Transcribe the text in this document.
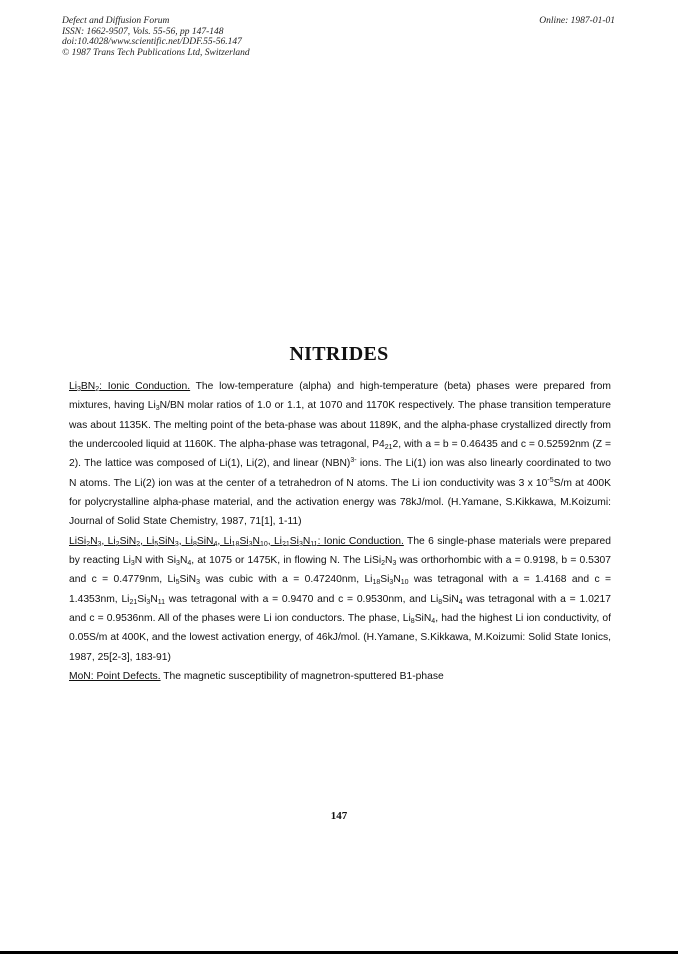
Defect and Diffusion Forum
ISSN: 1662-9507, Vols. 55-56, pp 147-148
doi:10.4028/www.scientific.net/DDF.55-56.147
© 1987 Trans Tech Publications Ltd, Switzerland
Online: 1987-01-01
NITRIDES

$Li_3BN_2$: Ionic Conduction. The low-temperature (alpha) and high-temperature (beta) phases were prepared from mixtures, having $Li_3N/BN$ molar ratios of 1.0 or 1.1, at 1070 and 1170K respectively. The phase transition temperature was about 1135K. The melting point of the beta-phase was about 1189K, and the alpha-phase crystallized directly from the undercooled liquid at 1160K. The alpha-phase was tetragonal, $P4_{21}2$, with a = b = 0.46435 and c = 0.52592nm (Z = 2). The lattice was composed of Li(1), Li(2), and linear (NBN)$^{3-}$ ions. The Li(1) ion was also linearly coordinated to two N atoms. The Li(2) ion was at the center of a tetrahedron of N atoms. The Li ion conductivity was 3 x $10^{-5}S/m$ at 400K for polycrystalline alpha-phase material, and the activation energy was 78kJ/mol. (H.Yamane, S.Kikkawa, M.Koizumi: Journal of Solid State Chemistry, 1987, 71[1], 1-11)

$LiSi_2N_3$, $Li_2SiN_2$, $Li_5SiN_3$, $Li_8SiN_4$, $Li_{18}Si_3N_{10}$, $Li_{21}Si_3N_{11}$: Ionic Conduction. The 6 single-phase materials were prepared by reacting $Li_3N$ with $Si_3N_4$, at 1075 or 1475K, in flowing N. The $LiSi_2N_3$ was orthorhombic with a = 0.9198, b = 0.5307 and c = 0.4779nm, $Li_5SiN_3$ was cubic with a = 0.47240nm, $Li_{18}Si_3N_{10}$ was tetragonal with a = 1.4168 and c = 1.4353nm, $Li_{21}Si_3N_{11}$ was tetragonal with a = 0.9470 and c = 0.9530nm, and $Li_8SiN_4$ was tetragonal with a = 1.0217 and c = 0.9536nm. All of the phases were Li ion conductors. The phase, $Li_8SiN_4$, had the highest Li ion conductivity, of 0.05S/m at 400K, and the lowest activation energy, of 46kJ/mol. (H.Yamane, S.Kikkawa, M.Koizumi: Solid State Ionics, 1987, 25[2-3], 183-91)

MoN: Point Defects. The magnetic susceptibility of magnetron-sputtered B1-phase

147
